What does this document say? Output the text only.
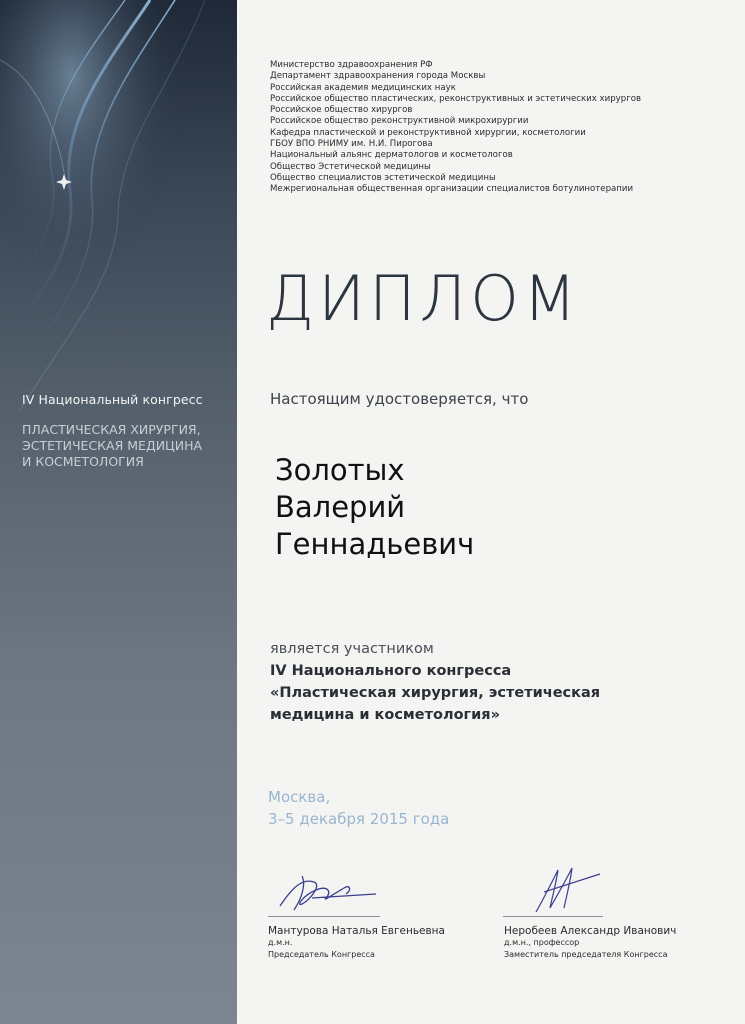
IV Национальный конгресс
ПЛАСТИЧЕСКАЯ ХИРУРГИЯ,
ЭСТЕТИЧЕСКАЯ МЕДИЦИНА
И КОСМЕТОЛОГИЯ
Министерство здравоохранения РФ
Департамент здравоохранения города Москвы
Российская академия медицинских наук
Российское общество пластических, реконструктивных и эстетических хирургов
Российское общество хирургов
Российское общество реконструктивной микрохирургии
Кафедра пластической и реконструктивной хирургии, косметологии
ГБОУ ВПО РНИМУ им. Н.И. Пирогова
Национальный альянс дерматологов и косметологов
Общество Эстетической медицины
Общество специалистов эстетической медицины
Межрегиональная общественная организации специалистов ботулинотерапии
ДИПЛОМ
Настоящим удостоверяется, что
Золотых
Валерий
Геннадьевич
является участником
IV Национального конгресса
«Пластическая хирургия, эстетическая
медицина и косметология»
Москва,
3–5 декабря 2015 года
Мантурова Наталья Евгеньевна
д.м.н.
Председатель Конгресса
Неробеев Александр Иванович
д.м.н., профессор
Заместитель председателя Конгресса
